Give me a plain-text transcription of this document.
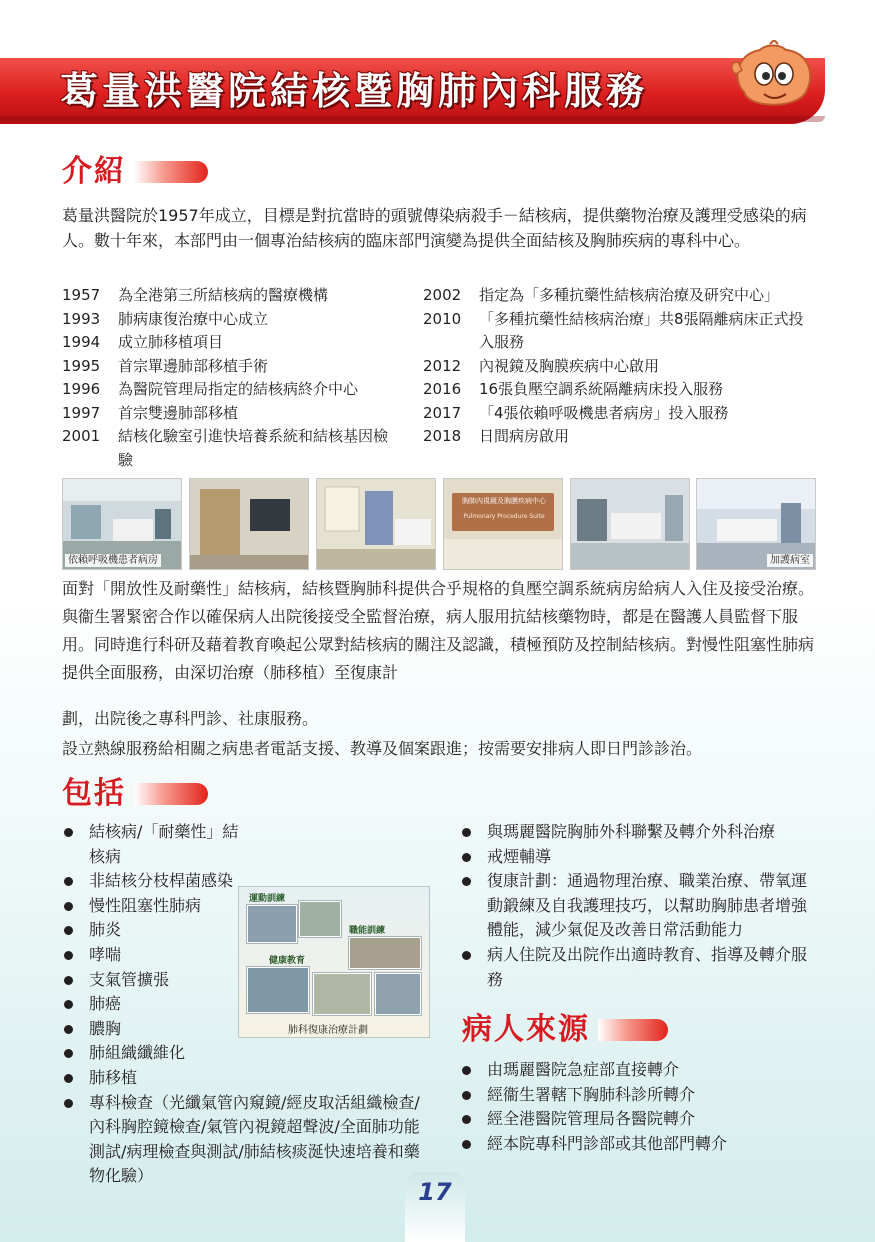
葛量洪醫院結核暨胸肺內科服務
介紹
葛量洪醫院於1957年成立，目標是對抗當時的頭號傳染病殺手－結核病，提供藥物治療及護理受感染的病人。數十年來，本部門由一個專治結核病的臨床部門演變為提供全面結核及胸肺疾病的專科中心。
1957	為全港第三所結核病的醫療機構
1993	肺病康復治療中心成立
1994	成立肺移植項目
1995	首宗單邊肺部移植手術
1996	為醫院管理局指定的結核病終介中心
1997	首宗雙邊肺部移植
2001	結核化驗室引進快培養系統和結核基因檢驗
2002	指定為「多種抗藥性結核病治療及研究中心」
2010	「多種抗藥性結核病治療」共8張隔離病床正式投入服務
2012	內視鏡及胸膜疾病中心啟用
2016	16張負壓空調系統隔離病床投入服務
2017	「4張依賴呼吸機患者病房」投入服務
2018	日間病房啟用
依賴呼吸機患者病房
胸肺內視鏡及胸膜疾病中心
Pulmonary Procedure Suite
加護病室
面對「開放性及耐藥性」結核病，結核暨胸肺科提供合乎規格的負壓空調系統病房給病人入住及接受治療。與衞生署緊密合作以確保病人出院後接受全監督治療，病人服用抗結核藥物時，都是在醫護人員監督下服用。同時進行科研及藉着教育喚起公眾對結核病的關注及認識，積極預防及控制結核病。對慢性阻塞性肺病提供全面服務，由深切治療（肺移植）至復康計
劃，出院後之專科門診、社康服務。
設立熱線服務給相關之病患者電話支援、教導及個案跟進；按需要安排病人即日門診診治。
包括
結核病/「耐藥性」結核病
非結核分枝桿菌感染
慢性阻塞性肺病
肺炎
哮喘
支氣管擴張
肺癌
膿胸
肺組織纖維化
肺移植
專科檢查（光纖氣管內窺鏡/經皮取活組織檢查/內科胸腔鏡檢查/氣管內視鏡超聲波/全面肺功能測試/病理檢查與測試/肺結核痰涎快速培養和藥物化驗）
與瑪麗醫院胸肺外科聯繫及轉介外科治療
戒煙輔導
復康計劃：通過物理治療、職業治療、帶氧運動鍛練及自我護理技巧，以幫助胸肺患者增強體能，減少氣促及改善日常活動能力
病人住院及出院作出適時教育、指導及轉介服務
運動訓練
職能訓練
健康教育
肺科復康治療計劃	病人來源
由瑪麗醫院急症部直接轉介
經衞生署轄下胸肺科診所轉介
經全港醫院管理局各醫院轉介
經本院專科門診部或其他部門轉介
17
